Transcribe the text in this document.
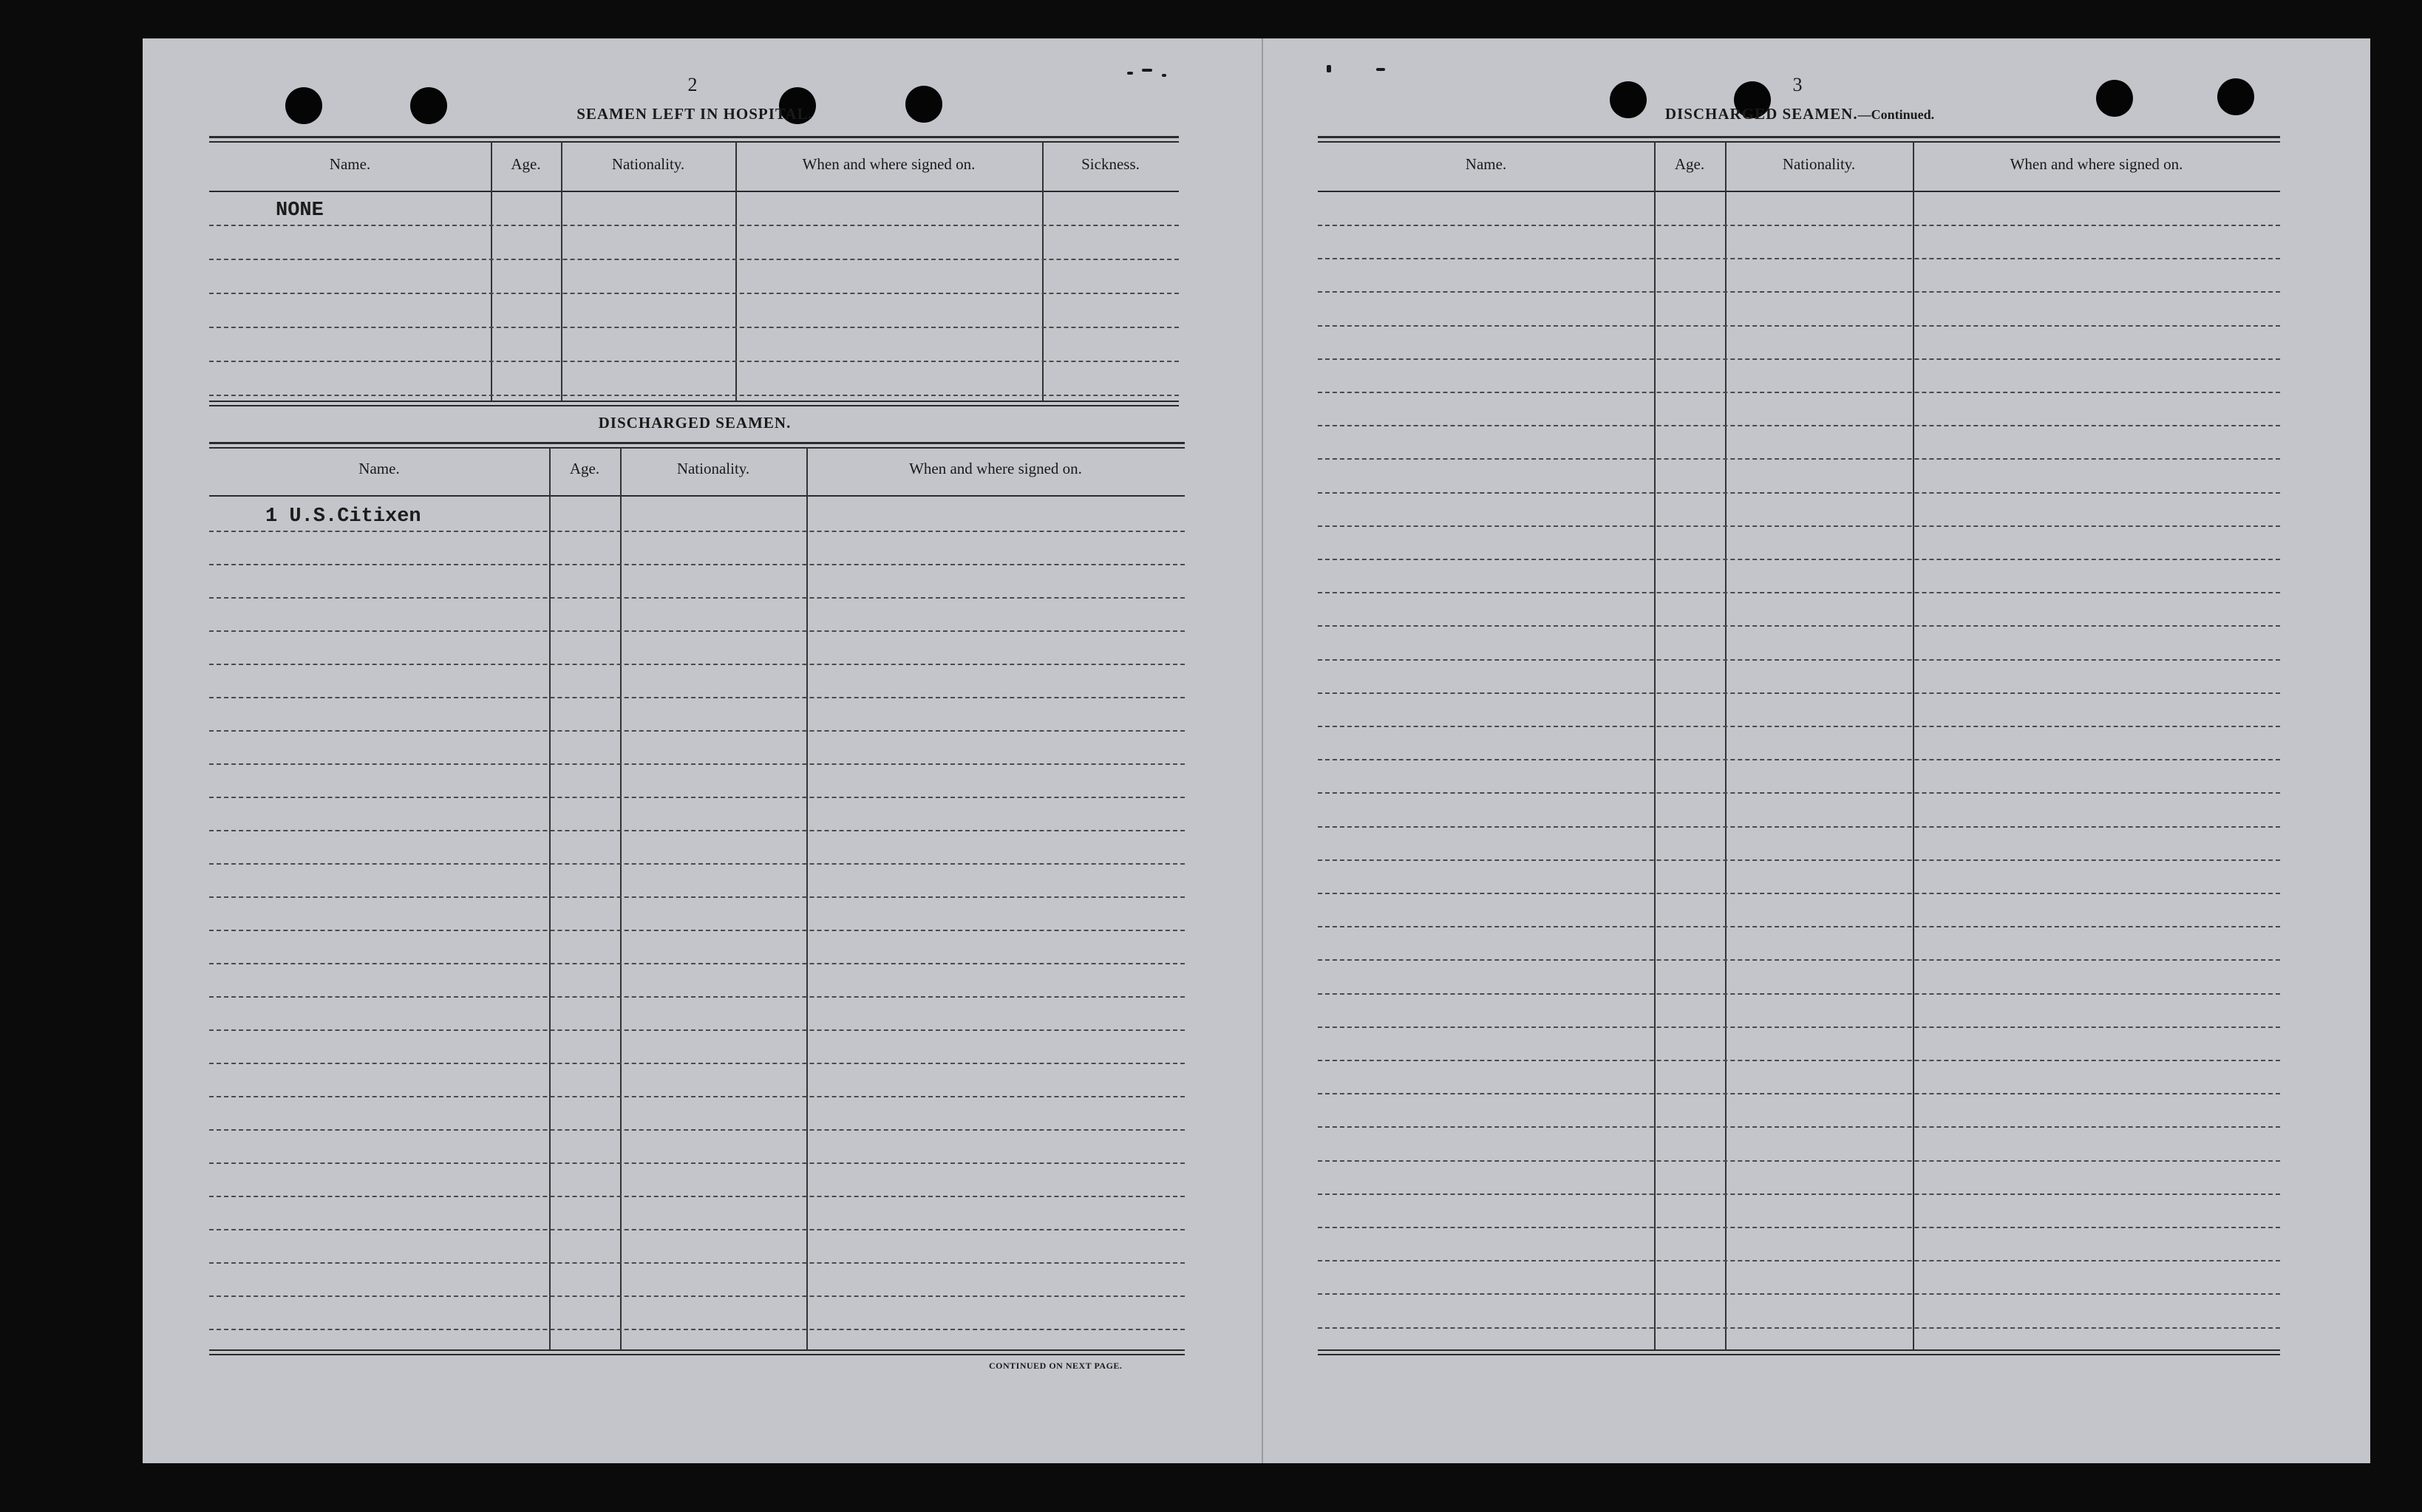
2
SEAMEN LEFT IN HOSPITAL.
Name.	Age.	Nationality.	When and where signed on.	Sickness.
NONE
DISCHARGED SEAMEN.
Name.	Age.	Nationality.	When and where signed on.
1 U.S.Citixen
CONTINUED ON NEXT PAGE.
3
DISCHARGED SEAMEN.—Continued.
Name.	Age.	Nationality.	When and where signed on.
